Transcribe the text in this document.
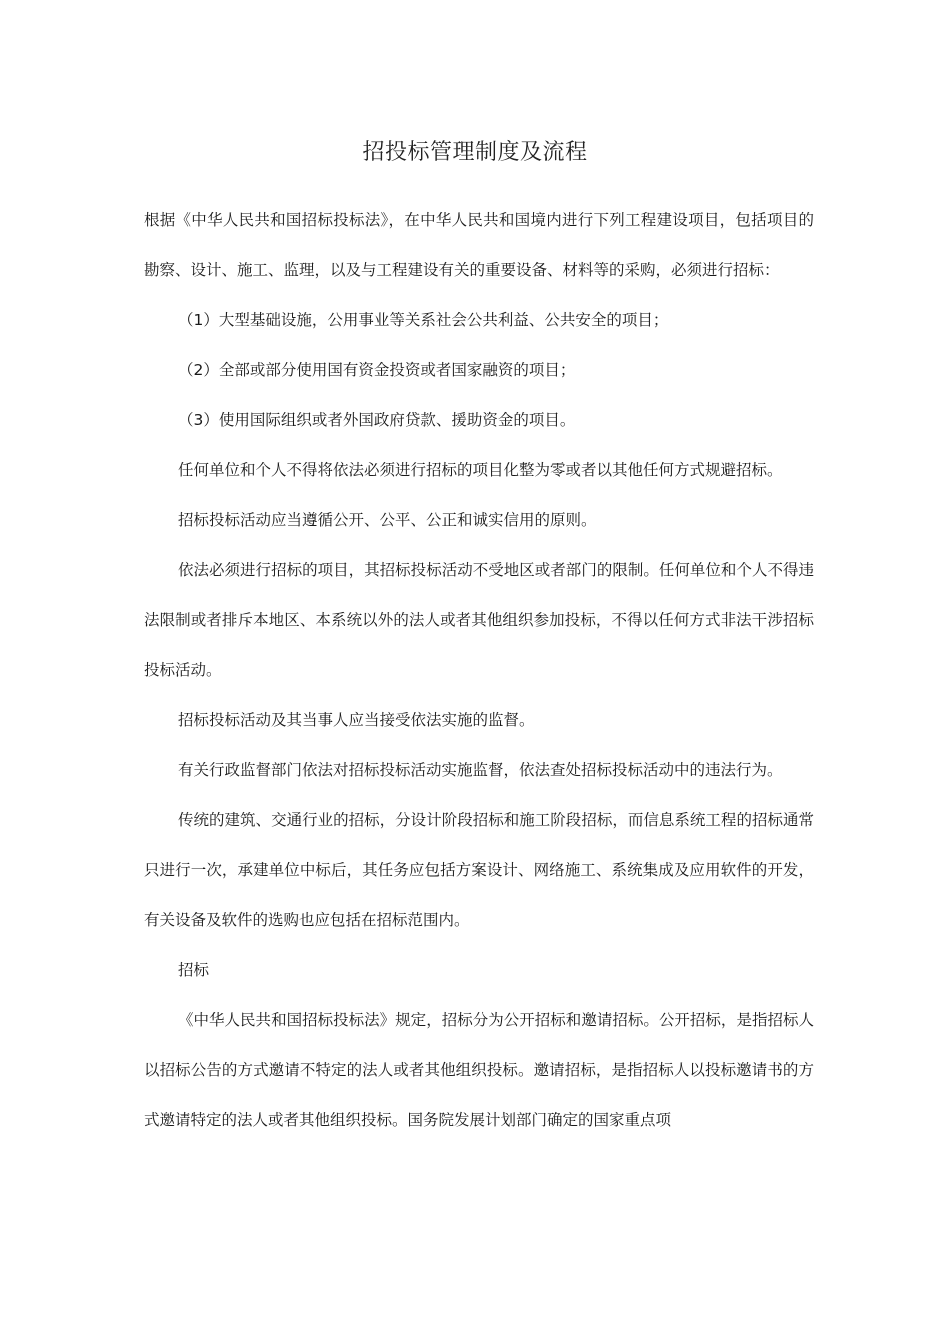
招投标管理制度及流程

根据《中华人民共和国招标投标法》，在中华人民共和国境内进行下列工程建设项目，包括项目的勘察、设计、施工、监理，以及与工程建设有关的重要设备、材料等的采购，必须进行招标：

（1）大型基础设施，公用事业等关系社会公共利益、公共安全的项目；

（2）全部或部分使用国有资金投资或者国家融资的项目；

（3）使用国际组织或者外国政府贷款、援助资金的项目。

任何单位和个人不得将依法必须进行招标的项目化整为零或者以其他任何方式规避招标。

招标投标活动应当遵循公开、公平、公正和诚实信用的原则。

依法必须进行招标的项目，其招标投标活动不受地区或者部门的限制。任何单位和个人不得违法限制或者排斥本地区、本系统以外的法人或者其他组织参加投标，不得以任何方式非法干涉招标投标活动。

招标投标活动及其当事人应当接受依法实施的监督。

有关行政监督部门依法对招标投标活动实施监督，依法查处招标投标活动中的违法行为。

传统的建筑、交通行业的招标，分设计阶段招标和施工阶段招标，而信息系统工程的招标通常只进行一次，承建单位中标后，其任务应包括方案设计、网络施工、系统集成及应用软件的开发，有关设备及软件的选购也应包括在招标范围内。

招标

《中华人民共和国招标投标法》规定，招标分为公开招标和邀请招标。公开招标，是指招标人以招标公告的方式邀请不特定的法人或者其他组织投标。邀请招标，是指招标人以投标邀请书的方式邀请特定的法人或者其他组织投标。国务院发展计划部门确定的国家重点项
